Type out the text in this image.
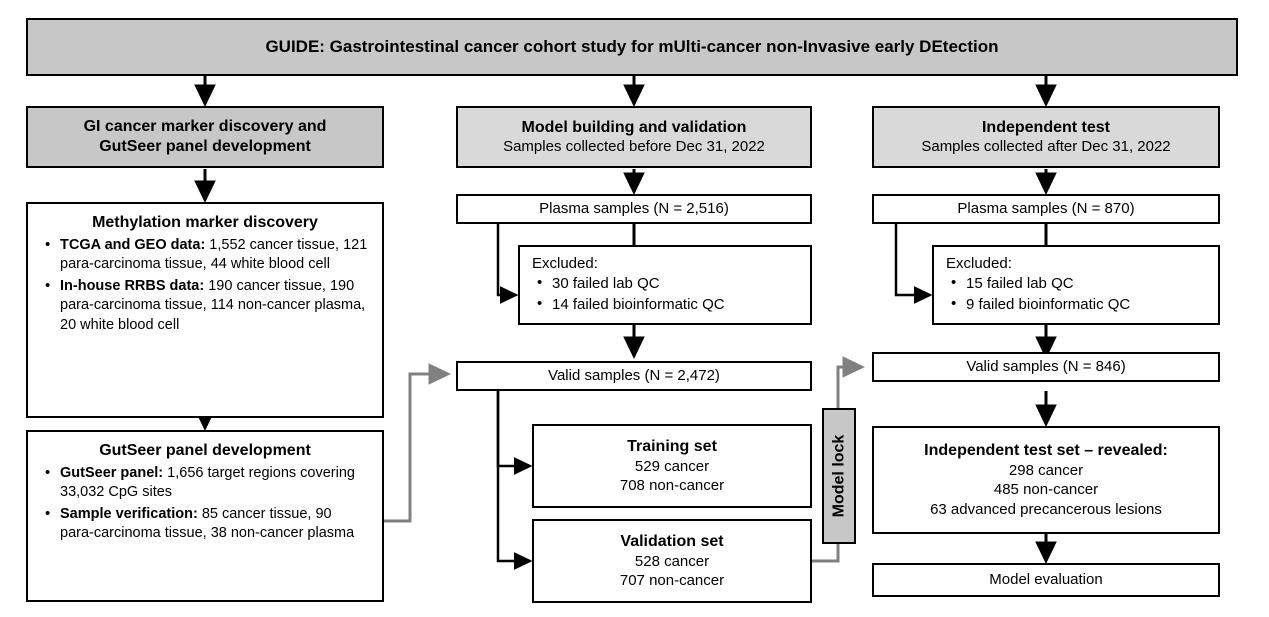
GUIDE: Gastrointestinal cancer cohort study for mUlti-cancer non-Invasive early DEtection
GI cancer marker discovery and
GutSeer panel development
Methylation marker discovery
• TCGA and GEO data: 1,552 cancer tissue, 121 para-carcinoma tissue, 44 white blood cell
• In-house RRBS data: 190 cancer tissue, 190 para-carcinoma tissue, 114 non-cancer plasma, 20 white blood cell
GutSeer panel development
• GutSeer panel: 1,656 target regions covering 33,032 CpG sites
• Sample verification: 85 cancer tissue, 90 para-carcinoma tissue, 38 non-cancer plasma
Model building and validation
Samples collected before Dec 31, 2022
Plasma samples (N = 2,516)
Excluded:
• 30 failed lab QC
• 14 failed bioinformatic QC
Valid samples (N = 2,472)
Training set
529 cancer
708 non-cancer
Validation set
528 cancer
707 non-cancer
Model lock
Independent test
Samples collected after Dec 31, 2022
Plasma samples (N = 870)
Excluded:
• 15 failed lab QC
• 9 failed bioinformatic QC
Valid samples (N = 846)
Independent test set – revealed:
298 cancer
485 non-cancer
63 advanced precancerous lesions
Model evaluation
